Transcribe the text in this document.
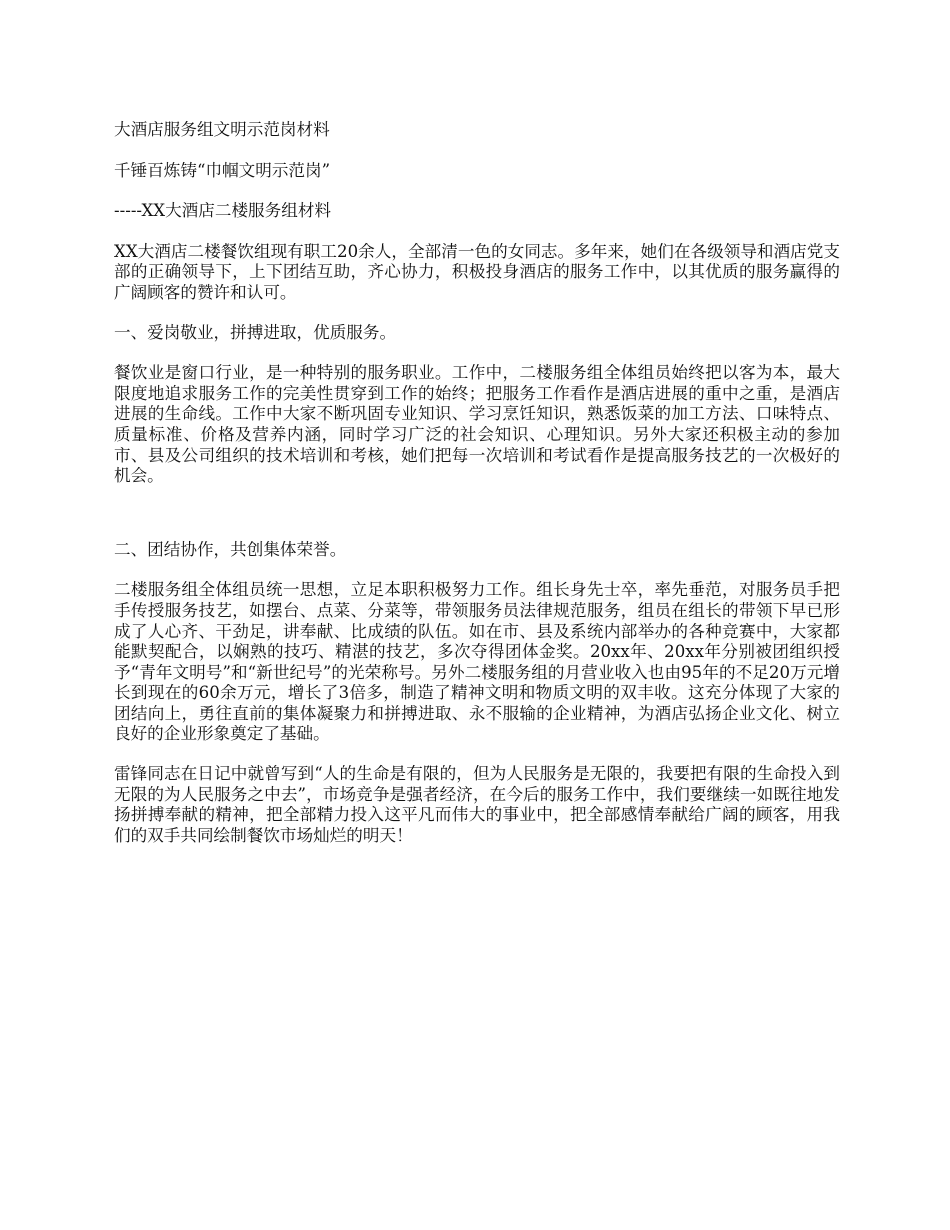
大酒店服务组文明示范岗材料

千锤百炼铸“巾帼文明示范岗”

-----XX大酒店二楼服务组材料

XX大酒店二楼餐饮组现有职工20余人，全部清一色的女同志。多年来，她们在各级领导和酒店党支部的正确领导下，上下团结互助，齐心协力，积极投身酒店的服务工作中，以其优质的服务赢得的广阔顾客的赞许和认可。

一、爱岗敬业，拼搏进取，优质服务。

餐饮业是窗口行业，是一种特别的服务职业。工作中，二楼服务组全体组员始终把以客为本，最大限度地追求服务工作的完美性贯穿到工作的始终；把服务工作看作是酒店进展的重中之重，是酒店进展的生命线。工作中大家不断巩固专业知识、学习烹饪知识，熟悉饭菜的加工方法、口味特点、质量标准、价格及营养内涵，同时学习广泛的社会知识、心理知识。另外大家还积极主动的参加市、县及公司组织的技术培训和考核，她们把每一次培训和考试看作是提高服务技艺的一次极好的机会。

二、团结协作，共创集体荣誉。

二楼服务组全体组员统一思想，立足本职积极努力工作。组长身先士卒，率先垂范，对服务员手把手传授服务技艺，如摆台、点菜、分菜等，带领服务员法律规范服务，组员在组长的带领下早已形成了人心齐、干劲足，讲奉献、比成绩的队伍。如在市、县及系统内部举办的各种竞赛中，大家都能默契配合，以娴熟的技巧、精湛的技艺，多次夺得团体金奖。20xx年、20xx年分别被团组织授予“青年文明号”和“新世纪号”的光荣称号。另外二楼服务组的月营业收入也由95年的不足20万元增长到现在的60余万元，增长了3倍多，制造了精神文明和物质文明的双丰收。这充分体现了大家的团结向上，勇往直前的集体凝聚力和拼搏进取、永不服输的企业精神，为酒店弘扬企业文化、树立良好的企业形象奠定了基础。

雷锋同志在日记中就曾写到“人的生命是有限的，但为人民服务是无限的，我要把有限的生命投入到无限的为人民服务之中去”，市场竞争是强者经济，在今后的服务工作中，我们要继续一如既往地发扬拼搏奉献的精神，把全部精力投入这平凡而伟大的事业中，把全部感情奉献给广阔的顾客，用我们的双手共同绘制餐饮市场灿烂的明天！
